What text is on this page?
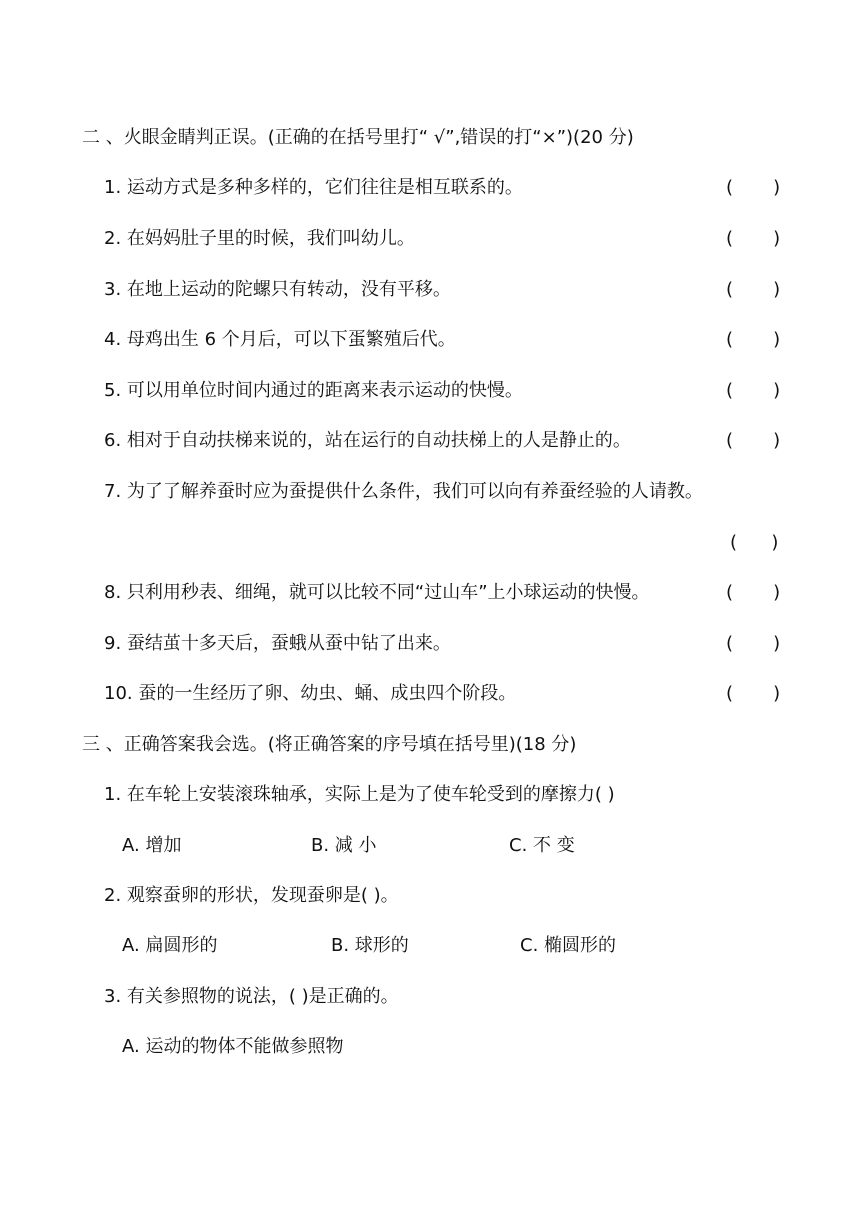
二 、火眼金睛判正误。(正确的在括号里打“ √”,错误的打“×”)(20 分)
1. 运动方式是多种多样的，它们往往是相互联系的。	(       )
2. 在妈妈肚子里的时候，我们叫幼儿。	(       )
3. 在地上运动的陀螺只有转动，没有平移。	(       )
4. 母鸡出生 6 个月后，可以下蛋繁殖后代。	(       )
5. 可以用单位时间内通过的距离来表示运动的快慢。	(       )
6. 相对于自动扶梯来说的，站在运行的自动扶梯上的人是静止的。	(       )
7. 为了了解养蚕时应为蚕提供什么条件，我们可以向有养蚕经验的人请教。
(      )
8. 只利用秒表、细绳，就可以比较不同“过山车”上小球运动的快慢。	(       )
9. 蚕结茧十多天后，蚕蛾从蚕中钻了出来。	(       )
10. 蚕的一生经历了卵、幼虫、蛹、成虫四个阶段。	(       )
三 、正确答案我会选。(将正确答案的序号填在括号里)(18 分)
1. 在车轮上安装滚珠轴承，实际上是为了使车轮受到的摩擦力( )
A. 增加	B. 减 小	C. 不 变
2. 观察蚕卵的形状，发现蚕卵是( )。
A. 扁圆形的	B. 球形的	C. 椭圆形的
3. 有关参照物的说法，( )是正确的。
A. 运动的物体不能做参照物
